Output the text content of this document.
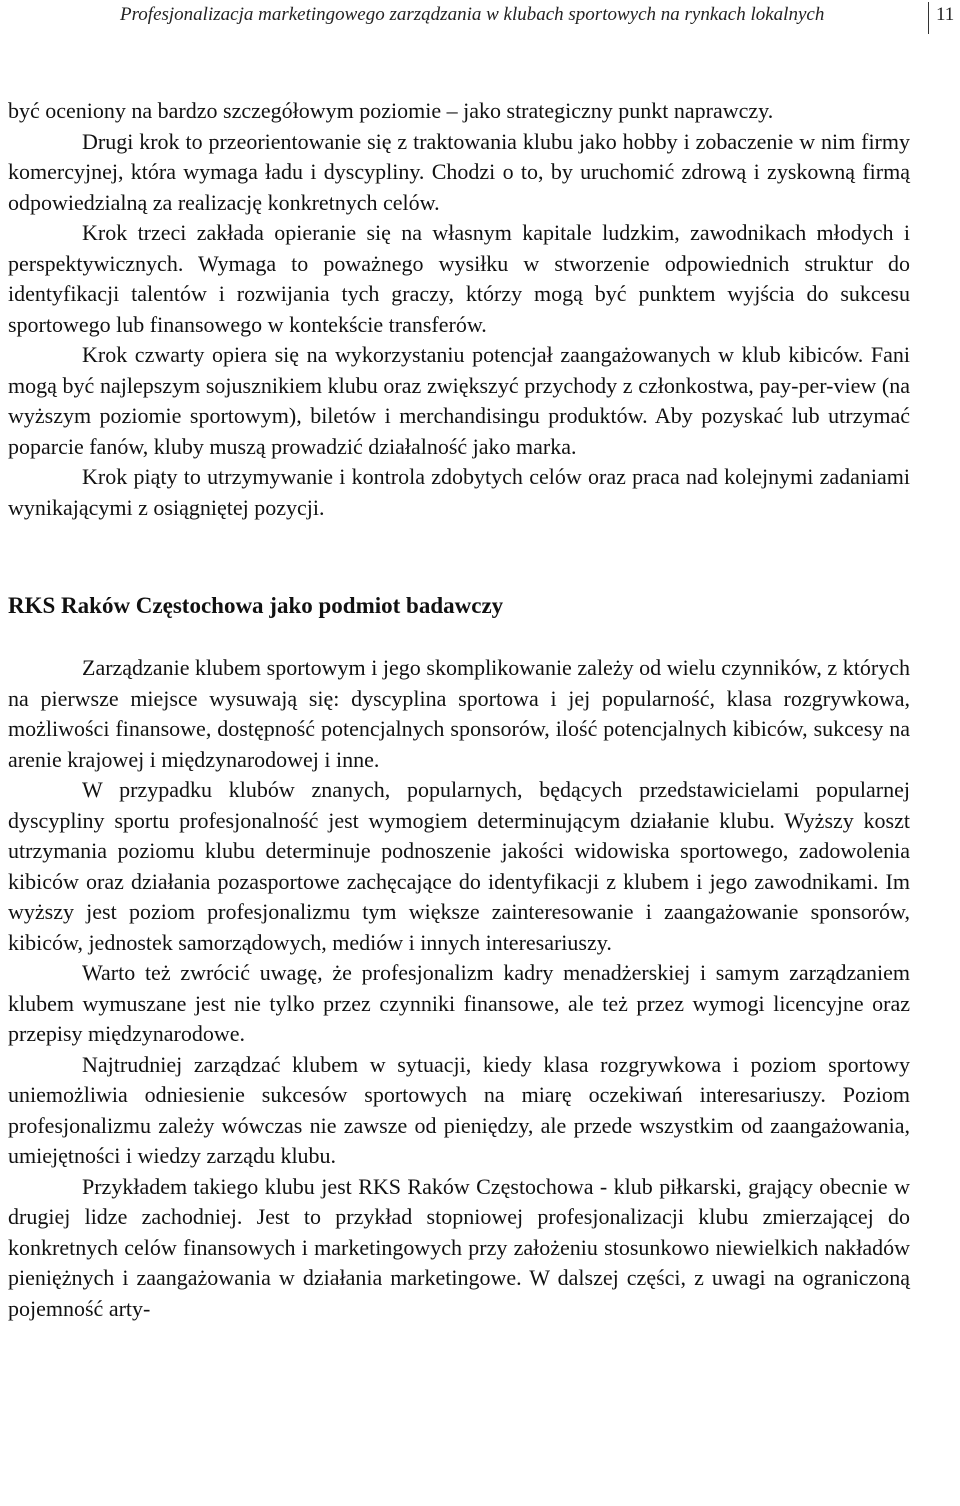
Profesjonalizacja marketingowego zarządzania w klubach sportowych na rynkach lokalnych	11

być oceniony na bardzo szczegółowym poziomie – jako strategiczny punkt naprawczy.

Drugi krok to przeorientowanie się z traktowania klubu jako hobby i zobaczenie w nim firmy komercyjnej, która wymaga ładu i dyscypliny. Chodzi o to, by uruchomić zdrową i zyskowną firmą odpowiedzialną za realizację konkretnych celów.

Krok trzeci zakłada opieranie się na własnym kapitale ludzkim, zawodnikach młodych i perspektywicznych. Wymaga to poważnego wysiłku w stworzenie odpowiednich struktur do identyfikacji talentów i rozwijania tych graczy, którzy mogą być punktem wyjścia do sukcesu sportowego lub finansowego w kontekście transferów.

Krok czwarty opiera się na wykorzystaniu potencjał zaangażowanych w klub kibiców. Fani mogą być najlepszym sojusznikiem klubu oraz zwiększyć przychody z członkostwa, pay-per-view (na wyższym poziomie sportowym), biletów i merchandisingu produktów. Aby pozyskać lub utrzymać poparcie fanów, kluby muszą prowadzić działalność jako marka.

Krok piąty to utrzymywanie i kontrola zdobytych celów oraz praca nad kolejnymi zadaniami wynikającymi z osiągniętej pozycji.

RKS Raków Częstochowa jako podmiot badawczy

Zarządzanie klubem sportowym i jego skomplikowanie zależy od wielu czynników, z których na pierwsze miejsce wysuwają się: dyscyplina sportowa i jej popularność, klasa rozgrywkowa, możliwości finansowe, dostępność potencjalnych sponsorów, ilość potencjalnych kibiców, sukcesy na arenie krajowej i międzynarodowej i inne.

W przypadku klubów znanych, popularnych, będących przedstawicielami popularnej dyscypliny sportu profesjonalność jest wymogiem determinującym działanie klubu. Wyższy koszt utrzymania poziomu klubu determinuje podnoszenie jakości widowiska sportowego, zadowolenia kibiców oraz działania pozasportowe zachęcające do identyfikacji z klubem i jego zawodnikami. Im wyższy jest poziom profesjonalizmu tym większe zainteresowanie i zaangażowanie sponsorów, kibiców, jednostek samorządowych, mediów i innych interesariuszy.

Warto też zwrócić uwagę, że profesjonalizm kadry menadżerskiej i samym zarządzaniem klubem wymuszane jest nie tylko przez czynniki finansowe, ale też przez wymogi licencyjne oraz przepisy międzynarodowe.

Najtrudniej zarządzać klubem w sytuacji, kiedy klasa rozgrywkowa i poziom sportowy uniemożliwia odniesienie sukcesów sportowych na miarę oczekiwań interesariuszy. Poziom profesjonalizmu zależy wówczas nie zawsze od pieniędzy, ale przede wszystkim od zaangażowania, umiejętności i wiedzy zarządu klubu.

Przykładem takiego klubu jest RKS Raków Częstochowa - klub piłkarski, grający obecnie w drugiej lidze zachodniej. Jest to przykład stopniowej profesjonalizacji klubu zmierzającej do konkretnych celów finansowych i marketingowych przy założeniu stosunkowo niewielkich nakładów pieniężnych i zaangażowania w działania marketingowe. W dalszej części, z uwagi na ograniczoną pojemność arty-
